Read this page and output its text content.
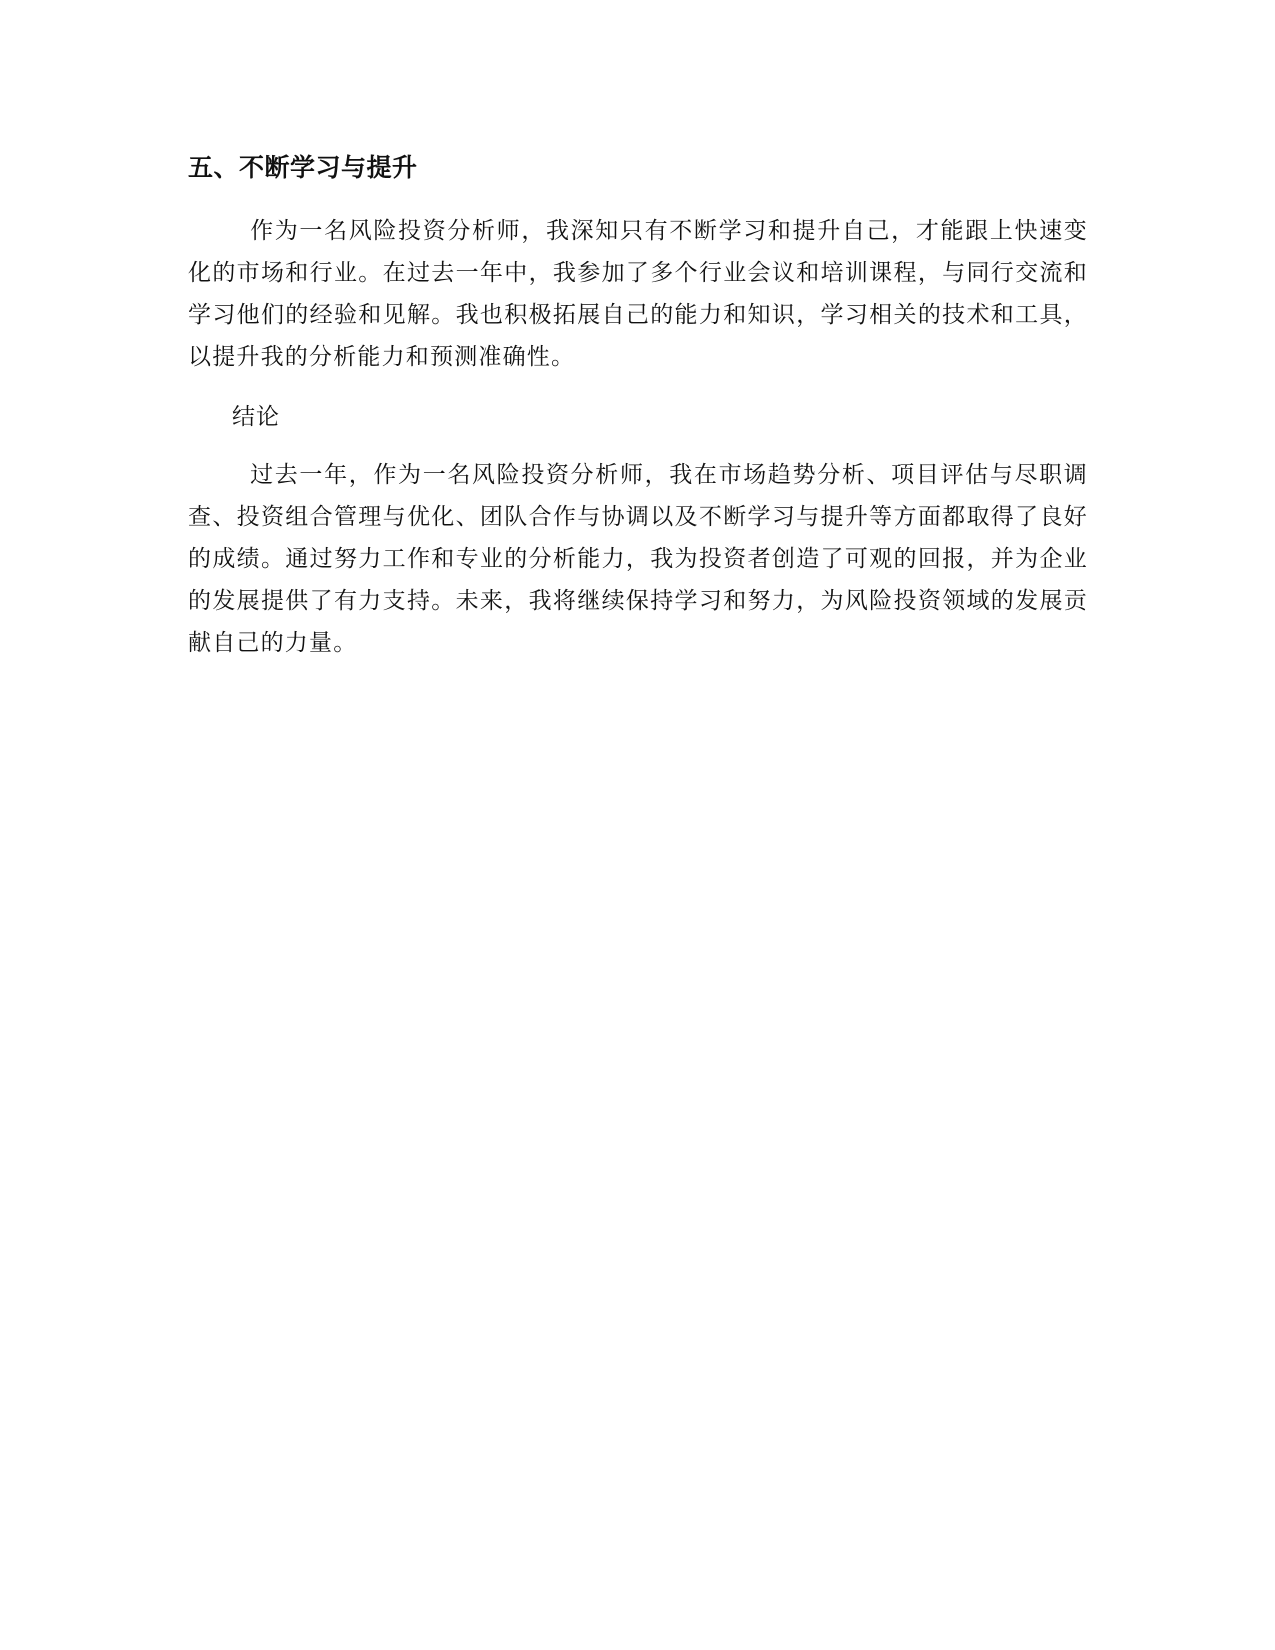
五、不断学习与提升

作为一名风险投资分析师，我深知只有不断学习和提升自己，才能跟上快速变化的市场和行业。在过去一年中，我参加了多个行业会议和培训课程，与同行交流和学习他们的经验和见解。我也积极拓展自己的能力和知识，学习相关的技术和工具，以提升我的分析能力和预测准确性。

结论

过去一年，作为一名风险投资分析师，我在市场趋势分析、项目评估与尽职调查、投资组合管理与优化、团队合作与协调以及不断学习与提升等方面都取得了良好的成绩。通过努力工作和专业的分析能力，我为投资者创造了可观的回报，并为企业的发展提供了有力支持。未来，我将继续保持学习和努力，为风险投资领域的发展贡献自己的力量。
